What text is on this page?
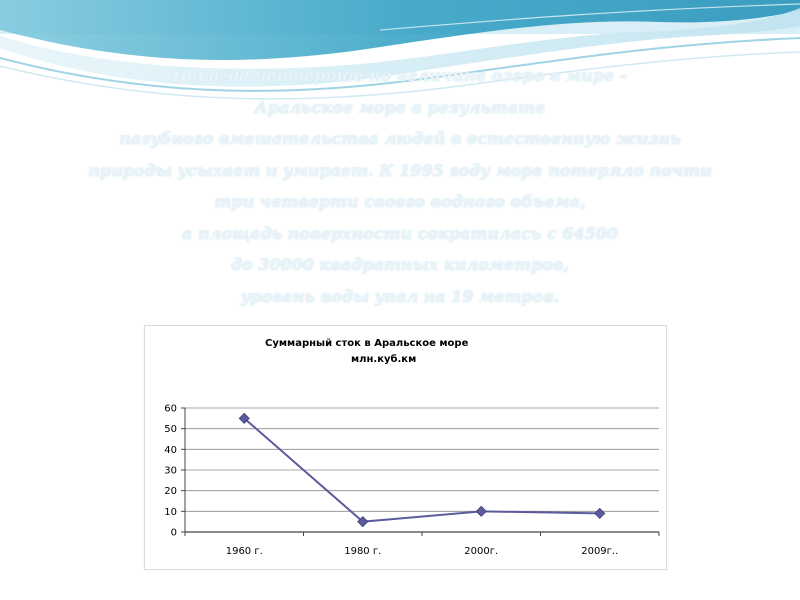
Некогда четвертое по величине озеро в мире –
Аральское море в результате
пагубного вмешательства людей в естественную жизнь
природы усыхает и умирает. К 1995 году море потеряло почти
три четверти своего водного объема,
а площадь поверхности сократилась с 64500
до 30000 квадратных километров,
уровень воды упал на 19 метров.
Суммарный сток в Аральское море
млн.куб.км
0
10
20
30
40
50
60
1960 г.	1980 г.	2000г.	2009г..
